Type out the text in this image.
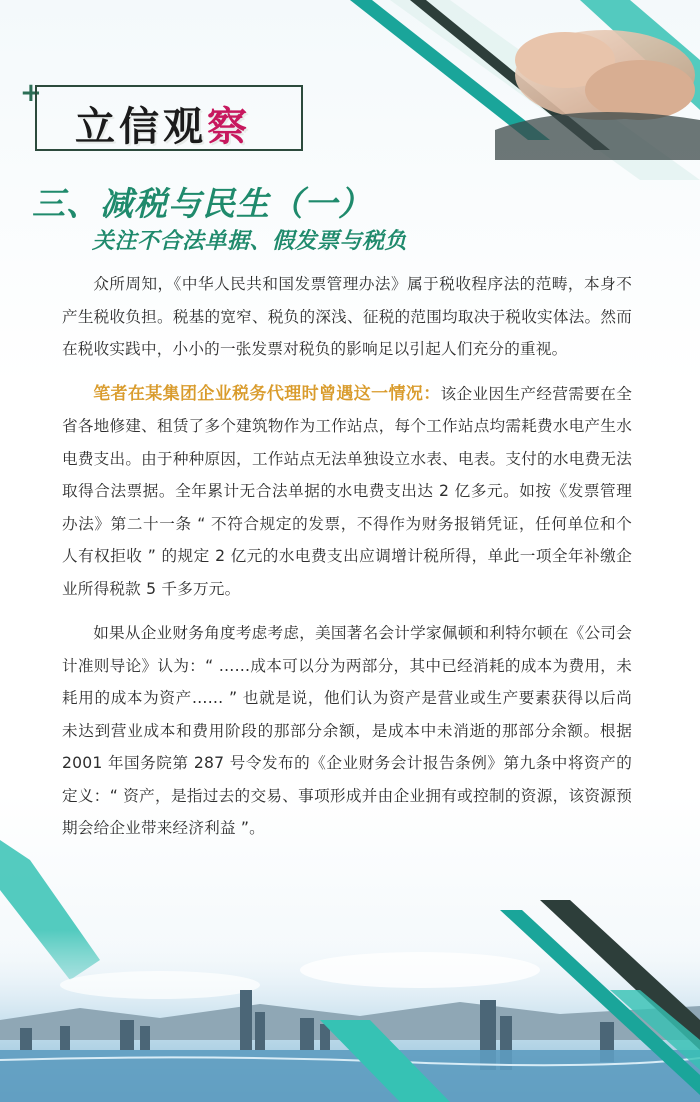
+
立信观察
三、减税与民生（一）
关注不合法单据、假发票与税负

众所周知，《中华人民共和国发票管理办法》属于税收程序法的范畴，本身不产生税收负担。税基的宽窄、税负的深浅、征税的范围均取决于税收实体法。然而在税收实践中，小小的一张发票对税负的影响足以引起人们充分的重视。

笔者在某集团企业税务代理时曾遇这一情况：该企业因生产经营需要在全省各地修建、租赁了多个建筑物作为工作站点，每个工作站点均需耗费水电产生水电费支出。由于种种原因，工作站点无法单独设立水表、电表。支付的水电费无法取得合法票据。全年累计无合法单据的水电费支出达 2 亿多元。如按《发票管理办法》第二十一条 “ 不符合规定的发票，不得作为财务报销凭证，任何单位和个人有权拒收 ” 的规定 2 亿元的水电费支出应调增计税所得，单此一项全年补缴企业所得税款 5 千多万元。

如果从企业财务角度考虑考虑，美国著名会计学家佩顿和利特尔顿在《公司会计准则导论》认为：“ ……成本可以分为两部分，其中已经消耗的成本为费用，未耗用的成本为资产…… ” 也就是说，他们认为资产是营业或生产要素获得以后尚未达到营业成本和费用阶段的那部分余额，是成本中未消逝的那部分余额。根据 2001 年国务院第 287 号令发布的《企业财务会计报告条例》第九条中将资产的定义：“ 资产，是指过去的交易、事项形成并由企业拥有或控制的资源，该资源预期会给企业带来经济利益 ”。
